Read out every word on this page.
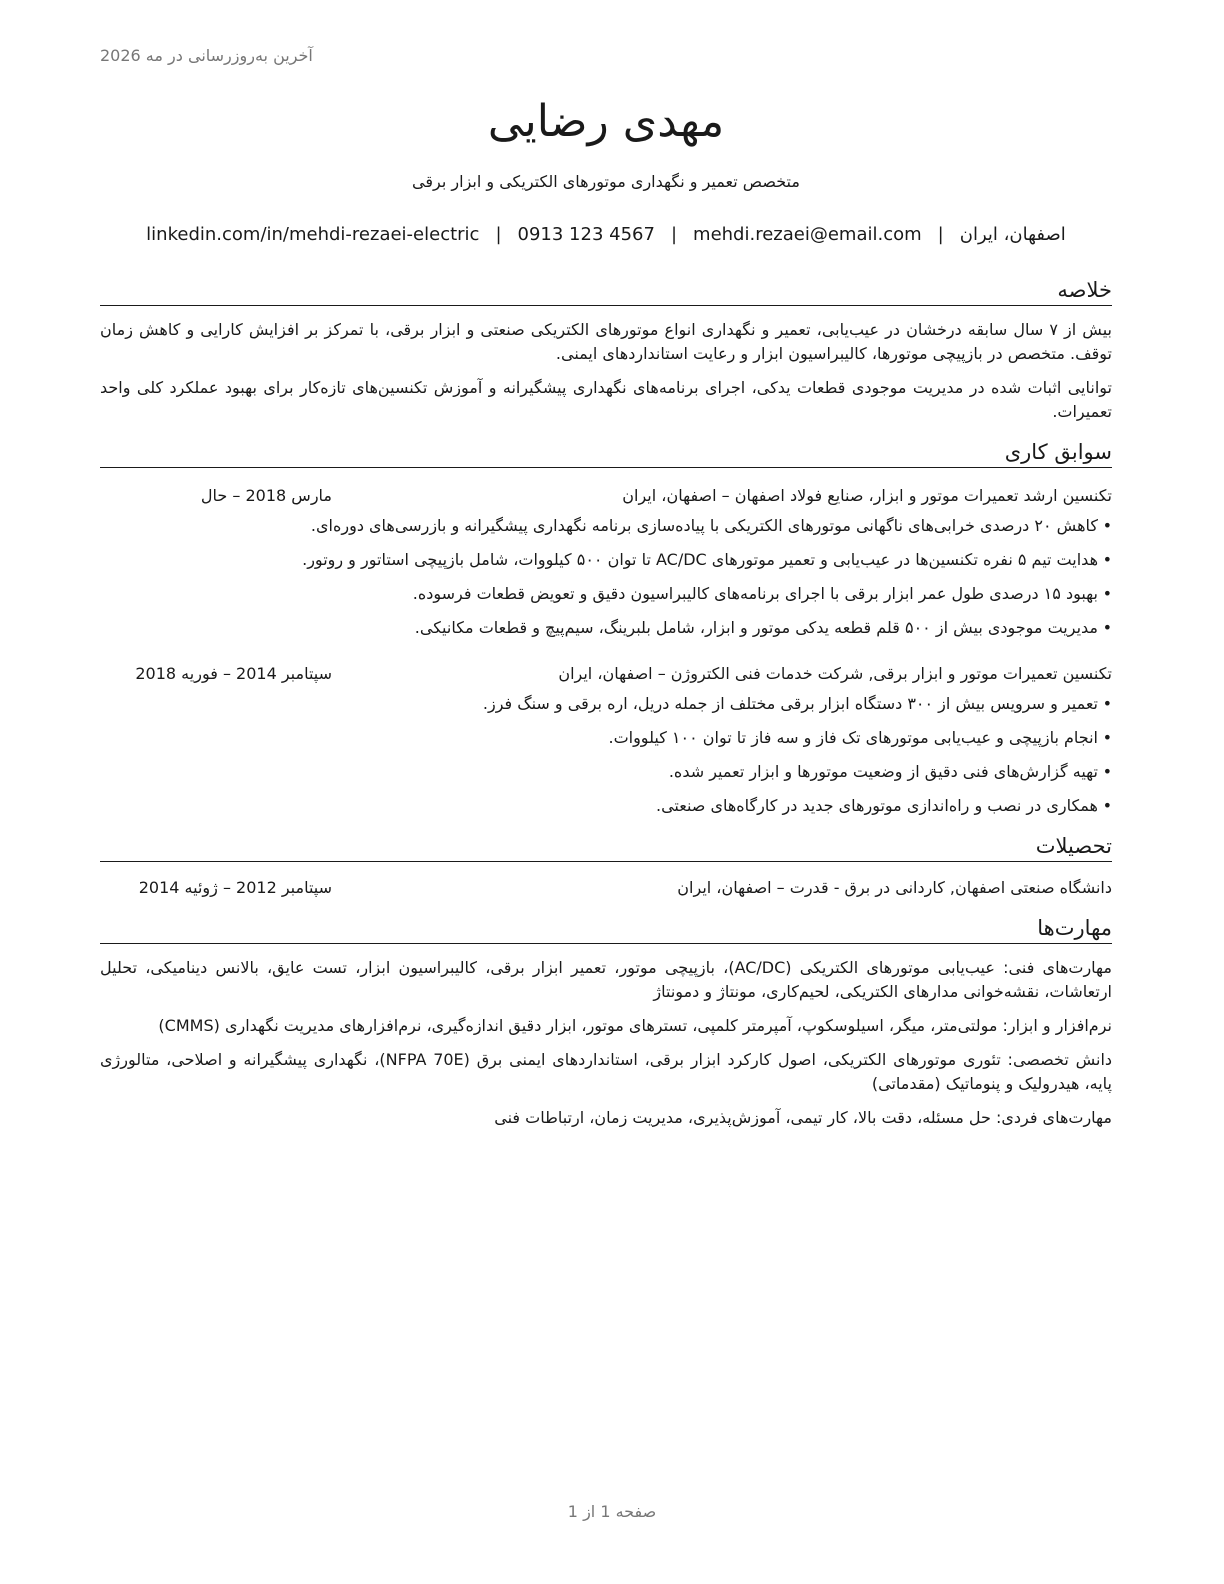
آخرین به‌روزرسانی در مه 2026
مهدی رضایی
متخصص تعمیر و نگهداری موتورهای الکتریکی و ابزار برقی
اصفهان، ایران|mehdi.rezaei@email.com|0913 123 4567|linkedin.com/in/mehdi-rezaei-electric
خلاصه

بیش از ۷ سال سابقه درخشان در عیب‌یابی، تعمیر و نگهداری انواع موتورهای الکتریکی صنعتی و ابزار برقی، با تمرکز بر افزایش کارایی و کاهش زمان توقف. متخصص در بازپیچی موتورها، کالیبراسیون ابزار و رعایت استانداردهای ایمنی.

توانایی اثبات شده در مدیریت موجودی قطعات یدکی، اجرای برنامه‌های نگهداری پیشگیرانه و آموزش تکنسین‌های تازه‌کار برای بهبود عملکرد کلی واحد تعمیرات.

سوابق کاری
تکنسین ارشد تعمیرات موتور و ابزار، صنایع فولاد اصفهان – اصفهان، ایران
مارس 2018 – حال
• کاهش ۲۰ درصدی خرابی‌های ناگهانی موتورهای الکتریکی با پیاده‌سازی برنامه نگهداری پیشگیرانه و بازرسی‌های دوره‌ای.
• هدایت تیم ۵ نفره تکنسین‌ها در عیب‌یابی و تعمیر موتورهای AC/DC تا توان ۵۰۰ کیلووات، شامل بازپیچی استاتور و روتور.
• بهبود ۱۵ درصدی طول عمر ابزار برقی با اجرای برنامه‌های کالیبراسیون دقیق و تعویض قطعات فرسوده.
• مدیریت موجودی بیش از ۵۰۰ قلم قطعه یدکی موتور و ابزار، شامل بلبرینگ، سیم‌پیچ و قطعات مکانیکی.
تکنسین تعمیرات موتور و ابزار برقی, شرکت خدمات فنی الکتروژن – اصفهان، ایران
سپتامبر 2014 – فوریه 2018
• تعمیر و سرویس بیش از ۳۰۰ دستگاه ابزار برقی مختلف از جمله دریل، اره برقی و سنگ فرز.
• انجام بازپیچی و عیب‌یابی موتورهای تک فاز و سه فاز تا توان ۱۰۰ کیلووات.
• تهیه گزارش‌های فنی دقیق از وضعیت موتورها و ابزار تعمیر شده.
• همکاری در نصب و راه‌اندازی موتورهای جدید در کارگاه‌های صنعتی.
تحصیلات
دانشگاه صنعتی اصفهان, کاردانی در برق - قدرت – اصفهان، ایران
سپتامبر 2012 – ژوئیه 2014
مهارت‌ها

مهارت‌های فنی: عیب‌یابی موتورهای الکتریکی (AC/DC)، بازپیچی موتور، تعمیر ابزار برقی، کالیبراسیون ابزار، تست عایق، بالانس دینامیکی، تحلیل ارتعاشات، نقشه‌خوانی مدارهای الکتریکی، لحیم‌کاری، مونتاژ و دمونتاژ

نرم‌افزار و ابزار: مولتی‌متر، میگر، اسیلوسکوپ، آمپرمتر کلمپی، تسترهای موتور، ابزار دقیق اندازه‌گیری، نرم‌افزارهای مدیریت نگهداری (CMMS)

دانش تخصصی: تئوری موتورهای الکتریکی، اصول کارکرد ابزار برقی، استانداردهای ایمنی برق (NFPA 70E)، نگهداری پیشگیرانه و اصلاحی، متالورژی پایه، هیدرولیک و پنوماتیک (مقدماتی)

مهارت‌های فردی: حل مسئله، دقت بالا، کار تیمی، آموزش‌پذیری، مدیریت زمان، ارتباطات فنی

صفحه 1 از 1
